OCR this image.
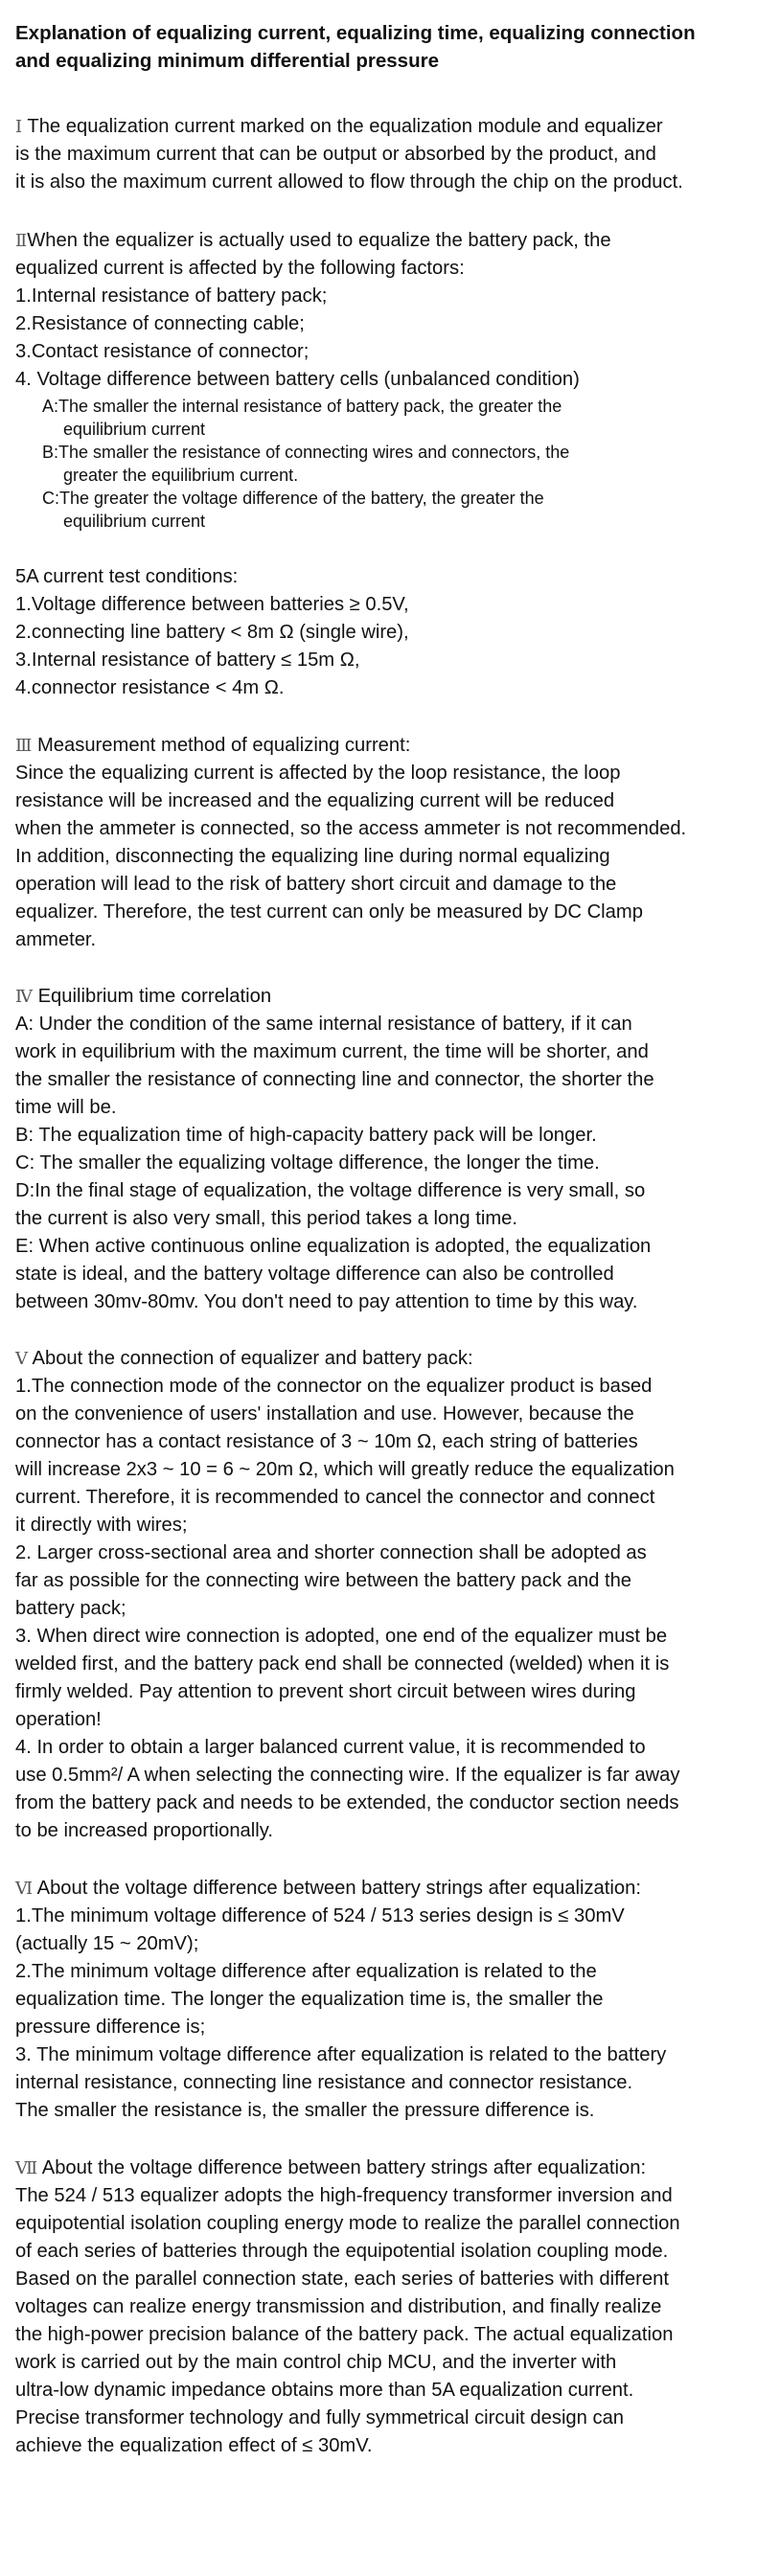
Explanation of equalizing current, equalizing time, equalizing connection
and equalizing minimum differential pressure
Ⅰ The equalization current marked on the equalization module and equalizer
is the maximum current that can be output or absorbed by the product, and
it is also the maximum current allowed to flow through the chip on the product.
ⅡWhen the equalizer is actually used to equalize the battery pack, the
equalized current is affected by the following factors:
1.Internal resistance of battery pack;
2.Resistance of connecting cable;
3.Contact resistance of connector;
4. Voltage difference between battery cells (unbalanced condition)
A:The smaller the internal resistance of battery pack, the greater the
equilibrium current
B:The smaller the resistance of connecting wires and connectors, the
greater the equilibrium current.
C:The greater the voltage difference of the battery, the greater the
equilibrium current
5A current test conditions:
1.Voltage difference between batteries ≥ 0.5V,
2.connecting line battery < 8m Ω (single wire),
3.Internal resistance of battery ≤ 15m Ω,
4.connector resistance < 4m Ω.
Ⅲ Measurement method of equalizing current:
Since the equalizing current is affected by the loop resistance, the loop
resistance will be increased and the equalizing current will be reduced
when the ammeter is connected, so the access ammeter is not recommended.
In addition, disconnecting the equalizing line during normal equalizing
operation will lead to the risk of battery short circuit and damage to the
equalizer. Therefore, the test current can only be measured by DC Clamp
ammeter.
Ⅳ Equilibrium time correlation
A: Under the condition of the same internal resistance of battery, if it can
work in equilibrium with the maximum current, the time will be shorter, and
the smaller the resistance of connecting line and connector, the shorter the
time will be.
B: The equalization time of high-capacity battery pack will be longer.
C: The smaller the equalizing voltage difference, the longer the time.
D:In the final stage of equalization, the voltage difference is very small, so
the current is also very small, this period takes a long time.
E: When active continuous online equalization is adopted, the equalization
state is ideal, and the battery voltage difference can also be controlled
between 30mv-80mv. You don't need to pay attention to time by this way.
Ⅴ About the connection of equalizer and battery pack:
1.The connection mode of the connector on the equalizer product is based
on the convenience of users' installation and use. However, because the
connector has a contact resistance of 3 ~ 10m Ω, each string of batteries
will increase 2x3 ~ 10 = 6 ~ 20m Ω, which will greatly reduce the equalization
current. Therefore, it is recommended to cancel the connector and connect
it directly with wires;
2. Larger cross-sectional area and shorter connection shall be adopted as
far as possible for the connecting wire between the battery pack and the
battery pack;
3. When direct wire connection is adopted, one end of the equalizer must be
welded first, and the battery pack end shall be connected (welded) when it is
firmly welded. Pay attention to prevent short circuit between wires during
operation!
4. In order to obtain a larger balanced current value, it is recommended to
use 0.5mm²/ A when selecting the connecting wire. If the equalizer is far away
from the battery pack and needs to be extended, the conductor section needs
to be increased proportionally.
Ⅵ About the voltage difference between battery strings after equalization:
1.The minimum voltage difference of 524 / 513 series design is ≤ 30mV
(actually 15 ~ 20mV);
2.The minimum voltage difference after equalization is related to the
equalization time. The longer the equalization time is, the smaller the
pressure difference is;
3. The minimum voltage difference after equalization is related to the battery
internal resistance, connecting line resistance and connector resistance.
The smaller the resistance is, the smaller the pressure difference is.
Ⅶ About the voltage difference between battery strings after equalization:
The 524 / 513 equalizer adopts the high-frequency transformer inversion and
equipotential isolation coupling energy mode to realize the parallel connection
of each series of batteries through the equipotential isolation coupling mode.
Based on the parallel connection state, each series of batteries with different
voltages can realize energy transmission and distribution, and finally realize
the high-power precision balance of the battery pack. The actual equalization
work is carried out by the main control chip MCU, and the inverter with
ultra-low dynamic impedance obtains more than 5A equalization current.
Precise transformer technology and fully symmetrical circuit design can
achieve the equalization effect of ≤ 30mV.
